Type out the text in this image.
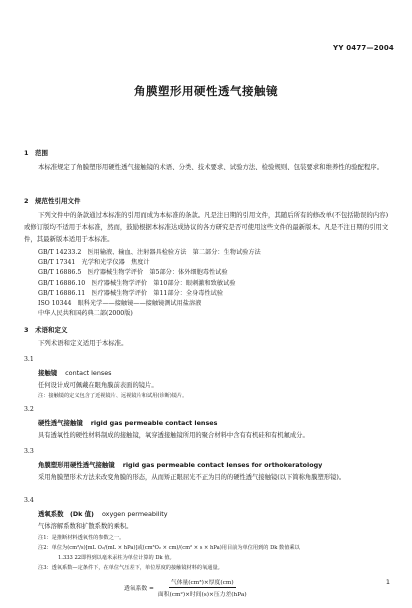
YY 0477—2004
角膜塑形用硬性透气接触镜
1　范围
本标准规定了角膜塑形用硬性透气接触镜的术语、分类、技术要求、试验方法、检验规则、包装要求和维养性的验配程序。
2　规范性引用文件
下列文件中的条款通过本标准的引用而成为本标准的条款。凡是注日期的引用文件，其随后所有的修改单(不包括勘误的内容)或修订版均不适用于本标准，然而，鼓励根据本标准达成协议的各方研究是否可使用这些文件的最新版本。凡是不注日期的引用文件，其最新版本适用于本标准。
GB/T 14233.2　医用输液、输血、注射器具检验方法　第二部分：生物试验方法
GB/T 17341　光学和光学仪器　焦度计
GB/T 16886.5　医疗器械生物学评价　第5部分：体外细胞毒性试验
GB/T 16886.10　医疗器械生物学评价　第10部分：眼刺激和致敏试验
GB/T 16886.11　医疗器械生物学评价　第11部分：全身毒性试验
ISO 10344　眼科光学——接触镜——接触镜测试用盐溶液
中华人民共和国药典二部(2000版)
3　术语和定义
下列术语和定义适用于本标准。
3.1
接触镜 contact lenses
任何设计成可佩戴在眼角膜前表面的镜片。
注：接触镜的定义包含了近视镜片、远视镜片和试用(诊断)镜片。
3.2
硬性透气接触镜 rigid gas permeable contact lenses
具有透氧性的硬性材料制成的接触镜，氧穿透接触镜所用的聚合材料中含有有机硅和有机氟成分。
3.3
角膜塑形用硬性透气接触镜 rigid gas permeable contact lenses for orthokeratology
采用角膜塑形术方法来改变角膜的形态，从而矫正眼屈光不正为目的的硬性透气接触镜(以下简称角膜塑形镜)。
3.4
透氧系数　(Dk 值) oxygen permeability
气体溶解系数和扩散系数的乘积。
注1：是推断材料透氧性的参数之一。
注2：单位为(cm²/s)[mL O₂/(mL × hPa)]或(cm³O₂ × cm)/(cm² × s × hPa)用目前为单位用到的 Dk 数值乘以
1.333 22即得到以毫米汞柱为单位计算的 Dk 值。
注3：透氧系数—定条件下，在单位气压差下，单位厚度的接触镜材料的氧通量。
透氧系数 = $\frac{\text{气体量(cm³)×厚度(cm)}}{\text{面积(cm²)×时间(s)×压力差(hPa)}}$	1
